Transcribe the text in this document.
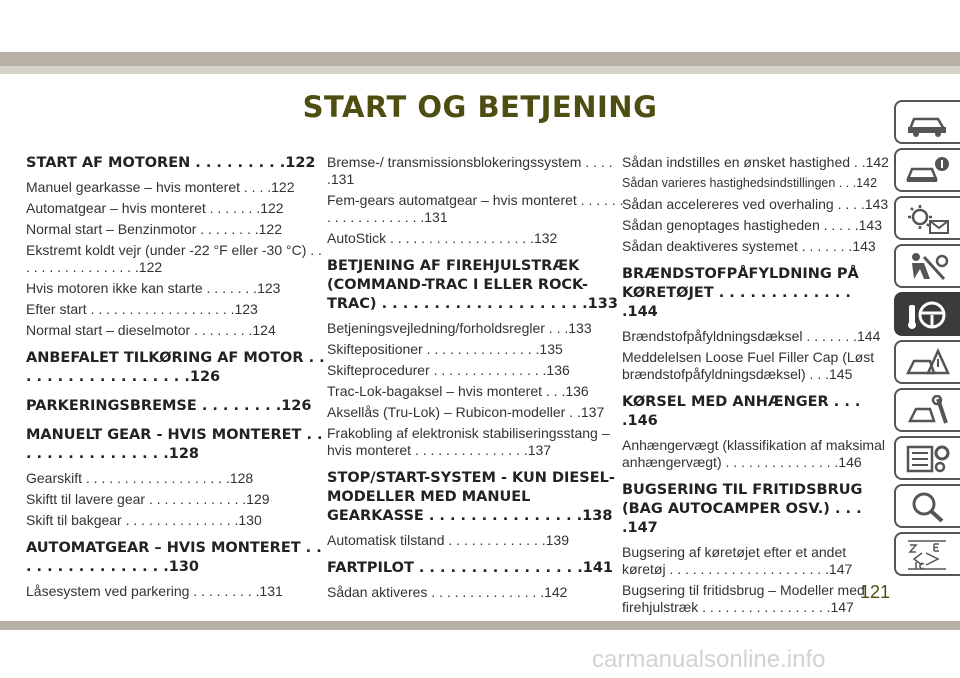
START OG BETJENING
START AF MOTOREN . . . . . . . . .122
Manuel gearkasse – hvis monteret . . . .122
Automatgear – hvis monteret . . . . . . .122
Normal start – Benzinmotor . . . . . . . .122
Ekstremt koldt vejr (under -22 °F eller -30 °C) . . . . . . . . . . . . . . . . .122
Hvis motoren ikke kan starte . . . . . . .123
Efter start . . . . . . . . . . . . . . . . . . .123
Normal start – dieselmotor . . . . . . . .124
ANBEFALET TILKØRING AF MOTOR . . . . . . . . . . . . . . . . . .126
PARKERINGSBREMSE . . . . . . . .126
MANUELT GEAR - HVIS MONTERET . . . . . . . . . . . . . . . .128
Gearskift . . . . . . . . . . . . . . . . . . .128
Skiftt til lavere gear . . . . . . . . . . . . .129
Skift til bakgear . . . . . . . . . . . . . . .130
AUTOMATGEAR – HVIS MONTERET . . . . . . . . . . . . . . . .130
Låsesystem ved parkering . . . . . . . . .131
Bremse-/ transmissionsblokeringssystem . . . . .131
Fem-gears automatgear – hvis monteret . . . . . . . . . . . . . . . . . . .131
AutoStick . . . . . . . . . . . . . . . . . . .132
BETJENING AF FIREHJULSTRÆK (COMMAND-TRAC I ELLER ROCK-TRAC) . . . . . . . . . . . . . . . . . . . .133
Betjeningsvejledning/forholdsregler . . .133
Skiftepositioner . . . . . . . . . . . . . . .135
Skifteprocedurer . . . . . . . . . . . . . . .136
Trac-Lok-bagaksel – hvis monteret . . .136
Aksellås (Tru-Lok) – Rubicon-modeller . .137
Frakobling af elektronisk stabiliseringsstang – hvis monteret . . . . . . . . . . . . . . .137
STOP/START-SYSTEM - KUN DIESEL-MODELLER MED MANUEL GEARKASSE . . . . . . . . . . . . . . .138
Automatisk tilstand . . . . . . . . . . . . .139
FARTPILOT . . . . . . . . . . . . . . . .141
Sådan aktiveres . . . . . . . . . . . . . . .142
Sådan indstilles en ønsket hastighed . .142
Sådan varieres hastighedsindstillingen . . .142
Sådan accelereres ved overhaling . . . .143
Sådan genoptages hastigheden . . . . .143
Sådan deaktiveres systemet . . . . . . .143
BRÆNDSTOFPÅFYLDNING PÅ KØRETØJET . . . . . . . . . . . . . .144
Brændstofpåfyldningsdæksel . . . . . . .144
Meddelelsen Loose Fuel Filler Cap (Løst brændstofpåfyldningsdæksel) . . .145
KØRSEL MED ANHÆNGER . . . .146
Anhængervægt (klassifikation af maksimal anhængervægt) . . . . . . . . . . . . . . .146
BUGSERING TIL FRITIDSBRUG (BAG AUTOCAMPER OSV.) . . . .147
Bugsering af køretøjet efter et andet køretøj . . . . . . . . . . . . . . . . . . . . .147
Bugsering til fritidsbrug – Modeller med firehjulstræk . . . . . . . . . . . . . . . . .147
121
carmanualsonline.info
